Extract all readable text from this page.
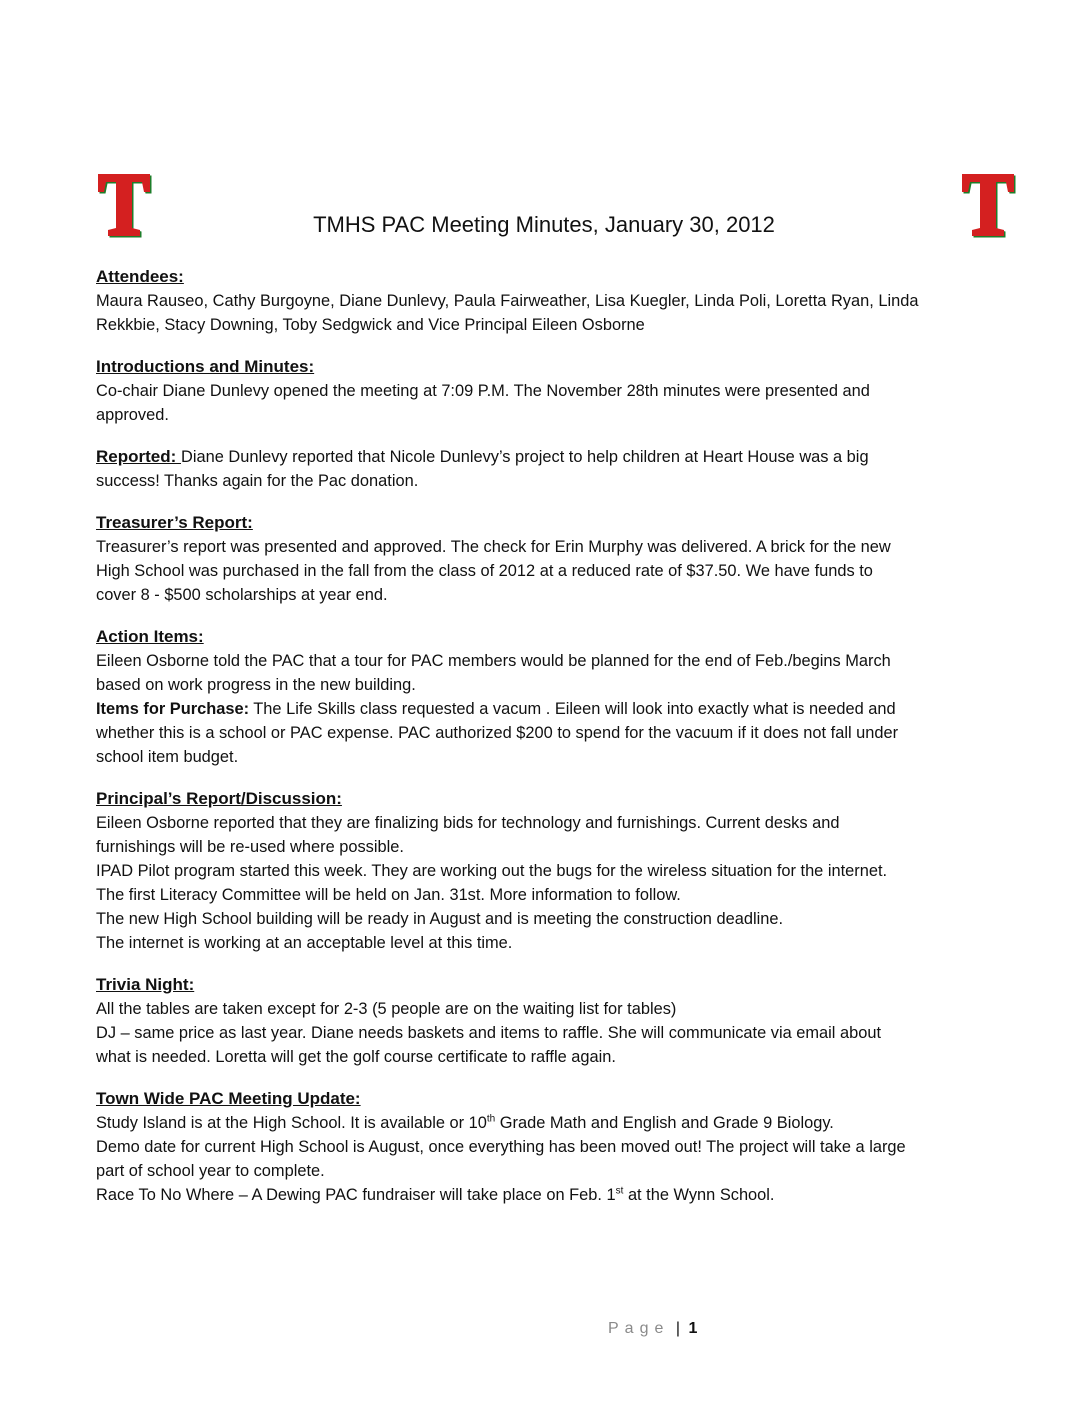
TMHS PAC Meeting Minutes, January 30, 2012
Attendees:
Maura Rauseo, Cathy Burgoyne, Diane Dunlevy, Paula Fairweather, Lisa Kuegler, Linda Poli, Loretta Ryan, Linda
Rekkbie, Stacy Downing, Toby Sedgwick and Vice Principal Eileen Osborne
Introductions and Minutes:
Co-chair Diane Dunlevy opened the meeting at 7:09 P.M. The November 28th minutes were presented and
approved.
Reported: Diane Dunlevy reported that Nicole Dunlevy’s project to help children at Heart House was a big
success! Thanks again for the Pac donation.
Treasurer’s Report:
Treasurer’s report was presented and approved. The check for Erin Murphy was delivered. A brick for the new
High School was purchased in the fall from the class of 2012 at a reduced rate of $37.50. We have funds to
cover 8 - $500 scholarships at year end.
Action Items:
Eileen Osborne told the PAC that a tour for PAC members would be planned for the end of Feb./begins March
based on work progress in the new building.
Items for Purchase: The Life Skills class requested a vacum . Eileen will look into exactly what is needed and
whether this is a school or PAC expense. PAC authorized $200 to spend for the vacuum if it does not fall under
school item budget.
Principal’s Report/Discussion:
Eileen Osborne reported that they are finalizing bids for technology and furnishings. Current desks and
furnishings will be re-used where possible.
IPAD Pilot program started this week. They are working out the bugs for the wireless situation for the internet.
The first Literacy Committee will be held on Jan. 31st. More information to follow.
The new High School building will be ready in August and is meeting the construction deadline.
The internet is working at an acceptable level at this time.
Trivia Night:
All the tables are taken except for 2-3 (5 people are on the waiting list for tables)
DJ – same price as last year. Diane needs baskets and items to raffle. She will communicate via email about
what is needed. Loretta will get the golf course certificate to raffle again.
Town Wide PAC Meeting Update:
Study Island is at the High School. It is available or 10th Grade Math and English and Grade 9 Biology.
Demo date for current High School is August, once everything has been moved out! The project will take a large
part of school year to complete.
Race To No Where – A Dewing PAC fundraiser will take place on Feb. 1st at the Wynn School.
Page | 1
